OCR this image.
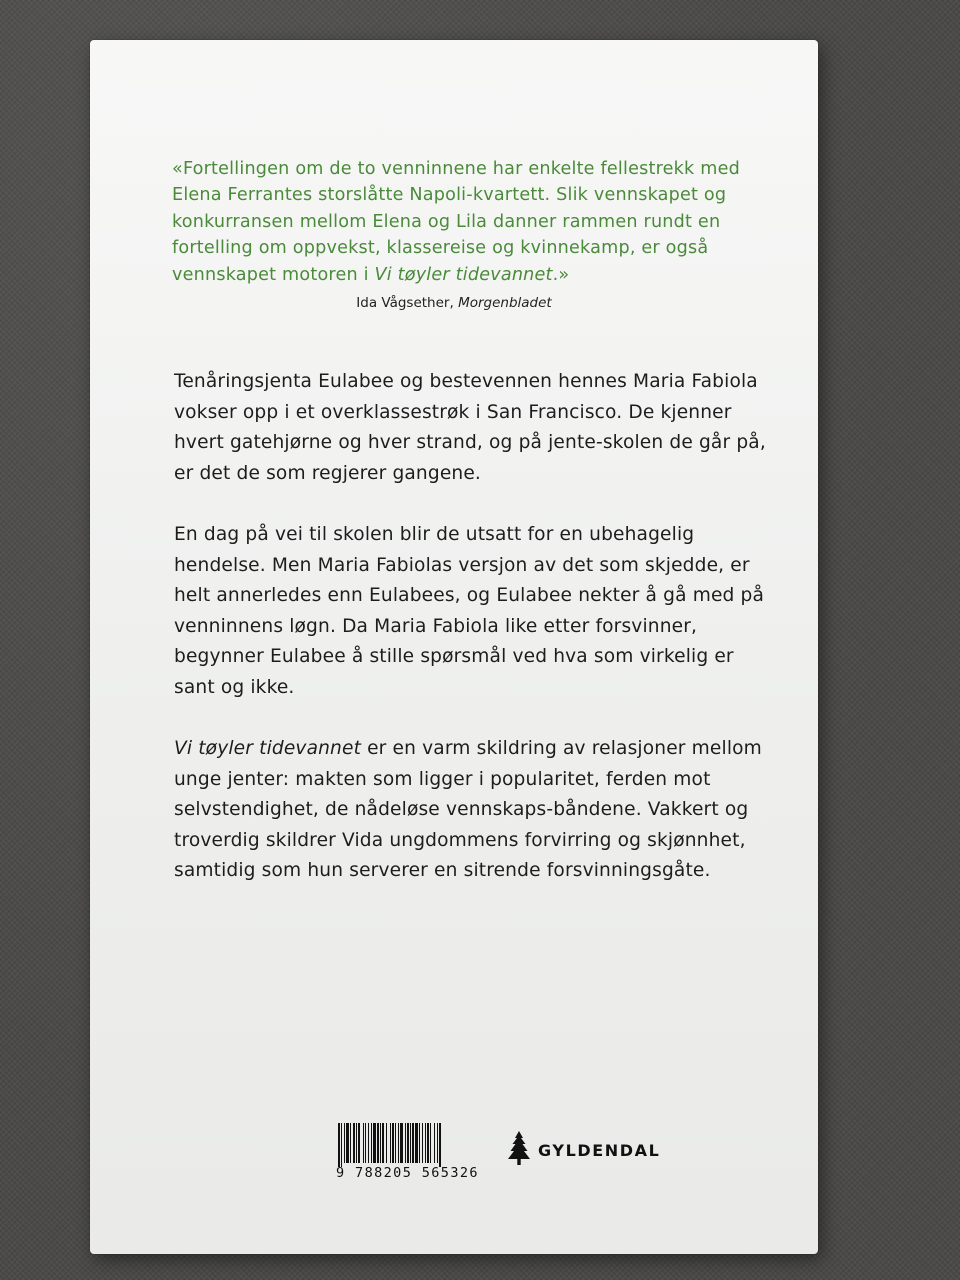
«Fortellingen om de to venninnene har enkelte fellestrekk med Elena Ferrantes storslåtte Napoli-kvartett. Slik vennskapet og konkurransen mellom Elena og Lila danner rammen rundt en fortelling om oppvekst, klassereise og kvinnekamp, er også vennskapet motoren i Vi tøyler tidevannet.»

Ida Vågsether, Morgenbladet

Tenåringsjenta Eulabee og bestevennen hennes Maria Fabiola vokser opp i et overklassestrøk i San Francisco. De kjenner hvert gatehjørne og hver strand, og på jente-skolen de går på, er det de som regjerer gangene.

En dag på vei til skolen blir de utsatt for en ubehagelig hendelse. Men Maria Fabiolas versjon av det som skjedde, er helt annerledes enn Eulabees, og Eulabee nekter å gå med på venninnens løgn. Da Maria Fabiola like etter forsvinner, begynner Eulabee å stille spørsmål ved hva som virkelig er sant og ikke.

Vi tøyler tidevannet er en varm skildring av relasjoner mellom unge jenter: makten som ligger i popularitet, ferden mot selvstendighet, de nådeløse vennskaps-båndene. Vakkert og troverdig skildrer Vida ungdommens forvirring og skjønnhet, samtidig som hun serverer en sitrende forsvinningsgåte.

9 788205 565326
GYLDENDAL
